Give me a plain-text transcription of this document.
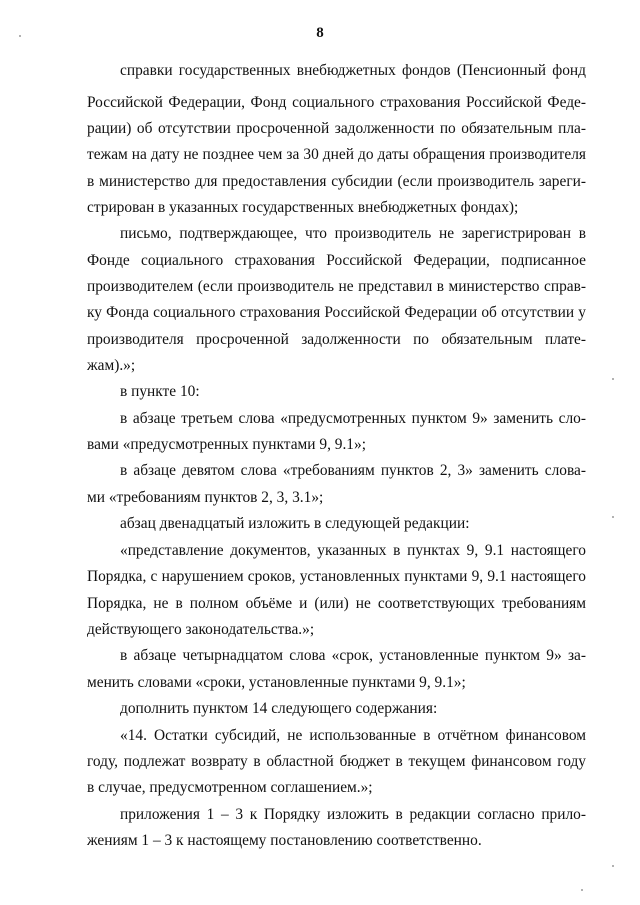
8
справки государственных внебюджетных фондов (Пенсионный фонд
Российской Федерации, Фонд социального страхования Российской Феде-
рации) об отсутствии просроченной задолженности по обязательным пла-
тежам на дату не позднее чем за 30 дней до даты обращения производителя
в министерство для предоставления субсидии (если производитель зареги-
стрирован в указанных государственных внебюджетных фондах);
письмо, подтверждающее, что производитель не зарегистрирован в
Фонде социального страхования Российской Федерации, подписанное
производителем (если производитель не представил в министерство справ-
ку Фонда социального страхования Российской Федерации об отсутствии у
производителя просроченной задолженности по обязательным плате-
жам).»;
в пункте 10:
в абзаце третьем слова «предусмотренных пунктом 9» заменить сло-
вами «предусмотренных пунктами 9, 9.1»;
в абзаце девятом слова «требованиям пунктов 2, 3» заменить слова-
ми «требованиям пунктов 2, 3, 3.1»;
абзац двенадцатый изложить в следующей редакции:
«представление документов, указанных в пунктах 9, 9.1 настоящего
Порядка, с нарушением сроков, установленных пунктами 9, 9.1 настоящего
Порядка, не в полном объёме и (или) не соответствующих требованиям
действующего законодательства.»;
в абзаце четырнадцатом слова «срок, установленные пунктом 9» за-
менить словами «сроки, установленные пунктами 9, 9.1»;
дополнить пунктом 14 следующего содержания:
«14. Остатки субсидий, не использованные в отчётном финансовом
году, подлежат возврату в областной бюджет в текущем финансовом году
в случае, предусмотренном соглашением.»;
приложения 1 – 3 к Порядку изложить в редакции согласно прило-
жениям 1 – 3 к настоящему постановлению соответственно.
